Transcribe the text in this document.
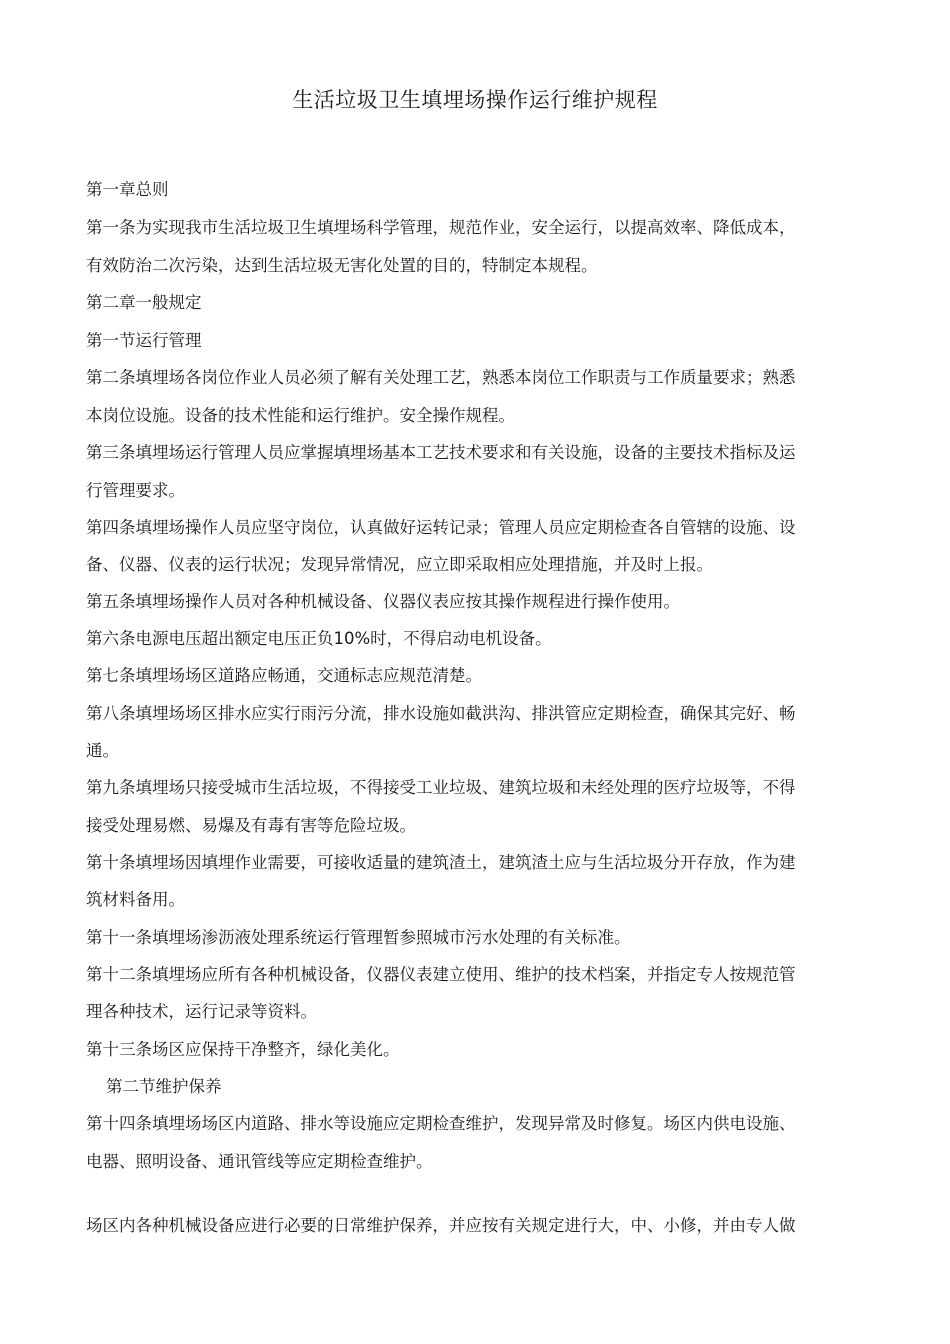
生活垃圾卫生填埋场操作运行维护规程

第一章总则

第一条为实现我市生活垃圾卫生填埋场科学管理，规范作业，安全运行，以提高效率、降低成本，

有效防治二次污染，达到生活垃圾无害化处置的目的，特制定本规程。

第二章一般规定

第一节运行管理

第二条填埋场各岗位作业人员必须了解有关处理工艺，熟悉本岗位工作职责与工作质量要求；熟悉

本岗位设施。设备的技术性能和运行维护。安全操作规程。

第三条填埋场运行管理人员应掌握填埋场基本工艺技术要求和有关设施，设备的主要技术指标及运

行管理要求。

第四条填埋场操作人员应坚守岗位，认真做好运转记录；管理人员应定期检查各自管辖的设施、设

备、仪器、仪表的运行状况；发现异常情况，应立即采取相应处理措施，并及时上报。

第五条填埋场操作人员对各种机械设备、仪器仪表应按其操作规程进行操作使用。

第六条电源电压超出额定电压正负10%时，不得启动电机设备。

第七条填埋场场区道路应畅通，交通标志应规范清楚。

第八条填埋场场区排水应实行雨污分流，排水设施如截洪沟、排洪管应定期检查，确保其完好、畅

通。

第九条填埋场只接受城市生活垃圾，不得接受工业垃圾、建筑垃圾和未经处理的医疗垃圾等，不得

接受处理易燃、易爆及有毒有害等危险垃圾。

第十条填埋场因填埋作业需要，可接收适量的建筑渣土，建筑渣土应与生活垃圾分开存放，作为建

筑材料备用。

第十一条填埋场渗沥液处理系统运行管理暂参照城市污水处理的有关标准。

第十二条填埋场应所有各种机械设备，仪器仪表建立使用、维护的技术档案，并指定专人按规范管

理各种技术，运行记录等资料。

第十三条场区应保持干净整齐，绿化美化。

第二节维护保养

第十四条填埋场场区内道路、排水等设施应定期检查维护，发现异常及时修复。场区内供电设施、

电器、照明设备、通讯管线等应定期检查维护。

场区内各种机械设备应进行必要的日常维护保养，并应按有关规定进行大，中、小修，并由专人做
